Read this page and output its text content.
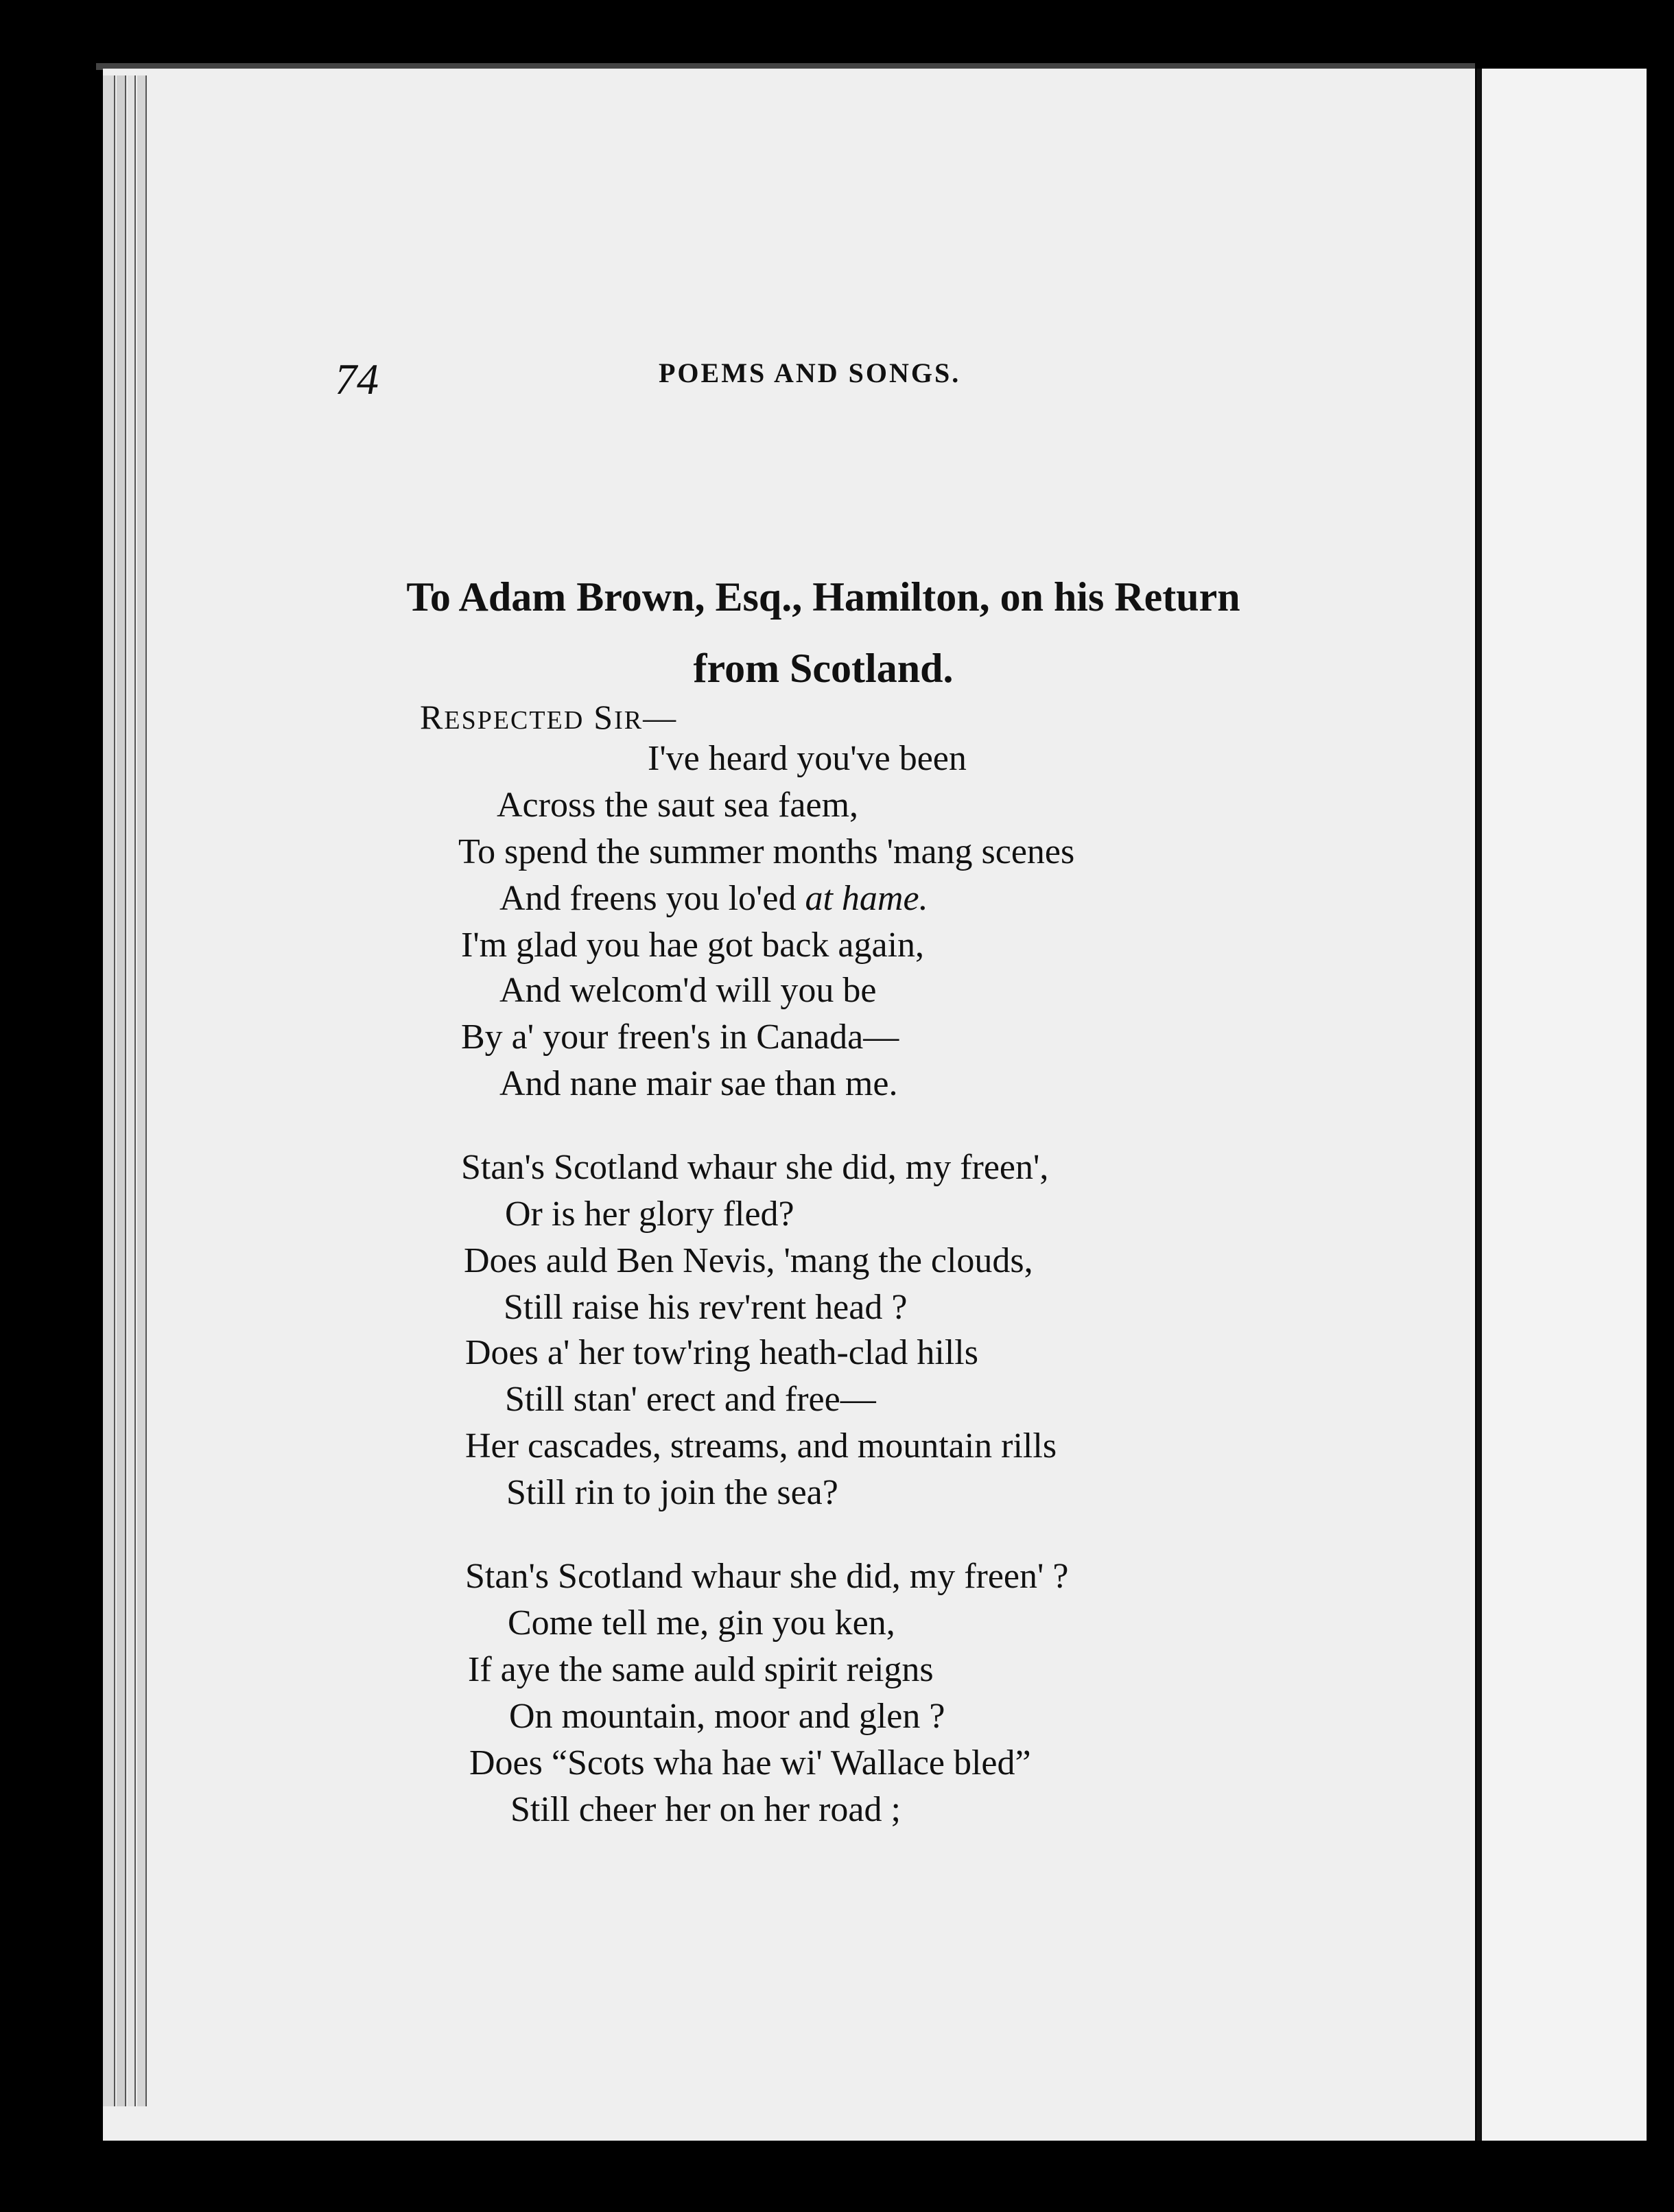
74	POEMS AND SONGS.
To Adam Brown, Esq., Hamilton, on his Return
from Scotland.
RESPECTED SIR—
I've heard you've been
Across the saut sea faem,
To spend the summer months 'mang scenes
And freens you lo'ed at hame.
I'm glad you hae got back again,
And welcom'd will you be
By a' your freen's in Canada—
And nane mair sae than me.
Stan's Scotland whaur she did, my freen',
Or is her glory fled?
Does auld Ben Nevis, 'mang the clouds,
Still raise his rev'rent head ?
Does a' her tow'ring heath-clad hills
Still stan' erect and free—
Her cascades, streams, and mountain rills
Still rin to join the sea?
Stan's Scotland whaur she did, my freen' ?
Come tell me, gin you ken,
If aye the same auld spirit reigns
On mountain, moor and glen ?
Does “Scots wha hae wi' Wallace bled”
Still cheer her on her road ;
